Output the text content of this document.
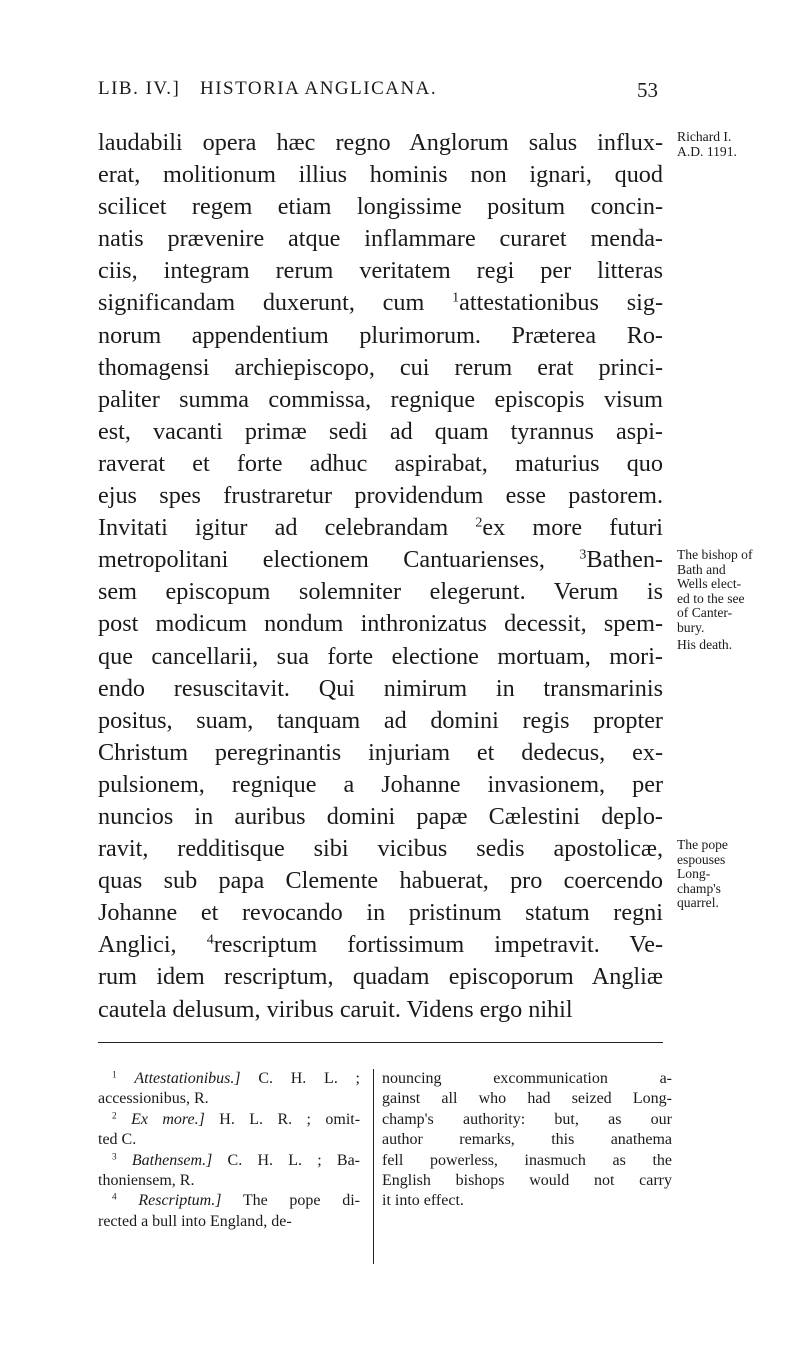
LIB. IV.] HISTORIA ANGLICANA.	53
laudabili opera hæc regno Anglorum salus influx-
erat, molitionum illius hominis non ignari, quod
scilicet regem etiam longissime positum concin-
natis prævenire atque inflammare curaret menda-
ciis, integram rerum veritatem regi per litteras
significandam duxerunt, cum $^1$attestationibus sig-
norum appendentium plurimorum. Præterea Ro-
thomagensi archiepiscopo, cui rerum erat princi-
paliter summa commissa, regnique episcopis visum
est, vacanti primæ sedi ad quam tyrannus aspi-
raverat et forte adhuc aspirabat, maturius quo
ejus spes frustraretur providendum esse pastorem.
Invitati igitur ad celebrandam $^2$ex more futuri
metropolitani electionem Cantuarienses, $^3$Bathen-
sem episcopum solemniter elegerunt. Verum is
post modicum nondum inthronizatus decessit, spem-
que cancellarii, sua forte electione mortuam, mori-
endo resuscitavit. Qui nimirum in transmarinis
positus, suam, tanquam ad domini regis propter
Christum peregrinantis injuriam et dedecus, ex-
pulsionem, regnique a Johanne invasionem, per
nuncios in auribus domini papæ Cælestini deplo-
ravit, redditisque sibi vicibus sedis apostolicæ,
quas sub papa Clemente habuerat, pro coercendo
Johanne et revocando in pristinum statum regni
Anglici, $^4$rescriptum fortissimum impetravit. Ve-
rum idem rescriptum, quadam episcoporum Angliæ
cautela delusum, viribus caruit. Videns ergo nihil
Richard I.
A.D. 1191.
The bishop of
Bath and
Wells elect-
ed to the see
of Canter-
bury.
His death.
The pope
espouses
Long-
champ's
quarrel.
$^1$ Attestationibus.] C. H. L. ;
accessionibus, R.
$^2$ Ex more.] H. L. R. ; omit-
ted C.
$^3$ Bathensem.] C. H. L. ; Ba-
thoniensem, R.
$^4$ Rescriptum.] The pope di-
rected a bull into England, de-
nouncing excommunication a-
gainst all who had seized Long-
champ's authority: but, as our
author remarks, this anathema
fell powerless, inasmuch as the
English bishops would not carry
it into effect.
